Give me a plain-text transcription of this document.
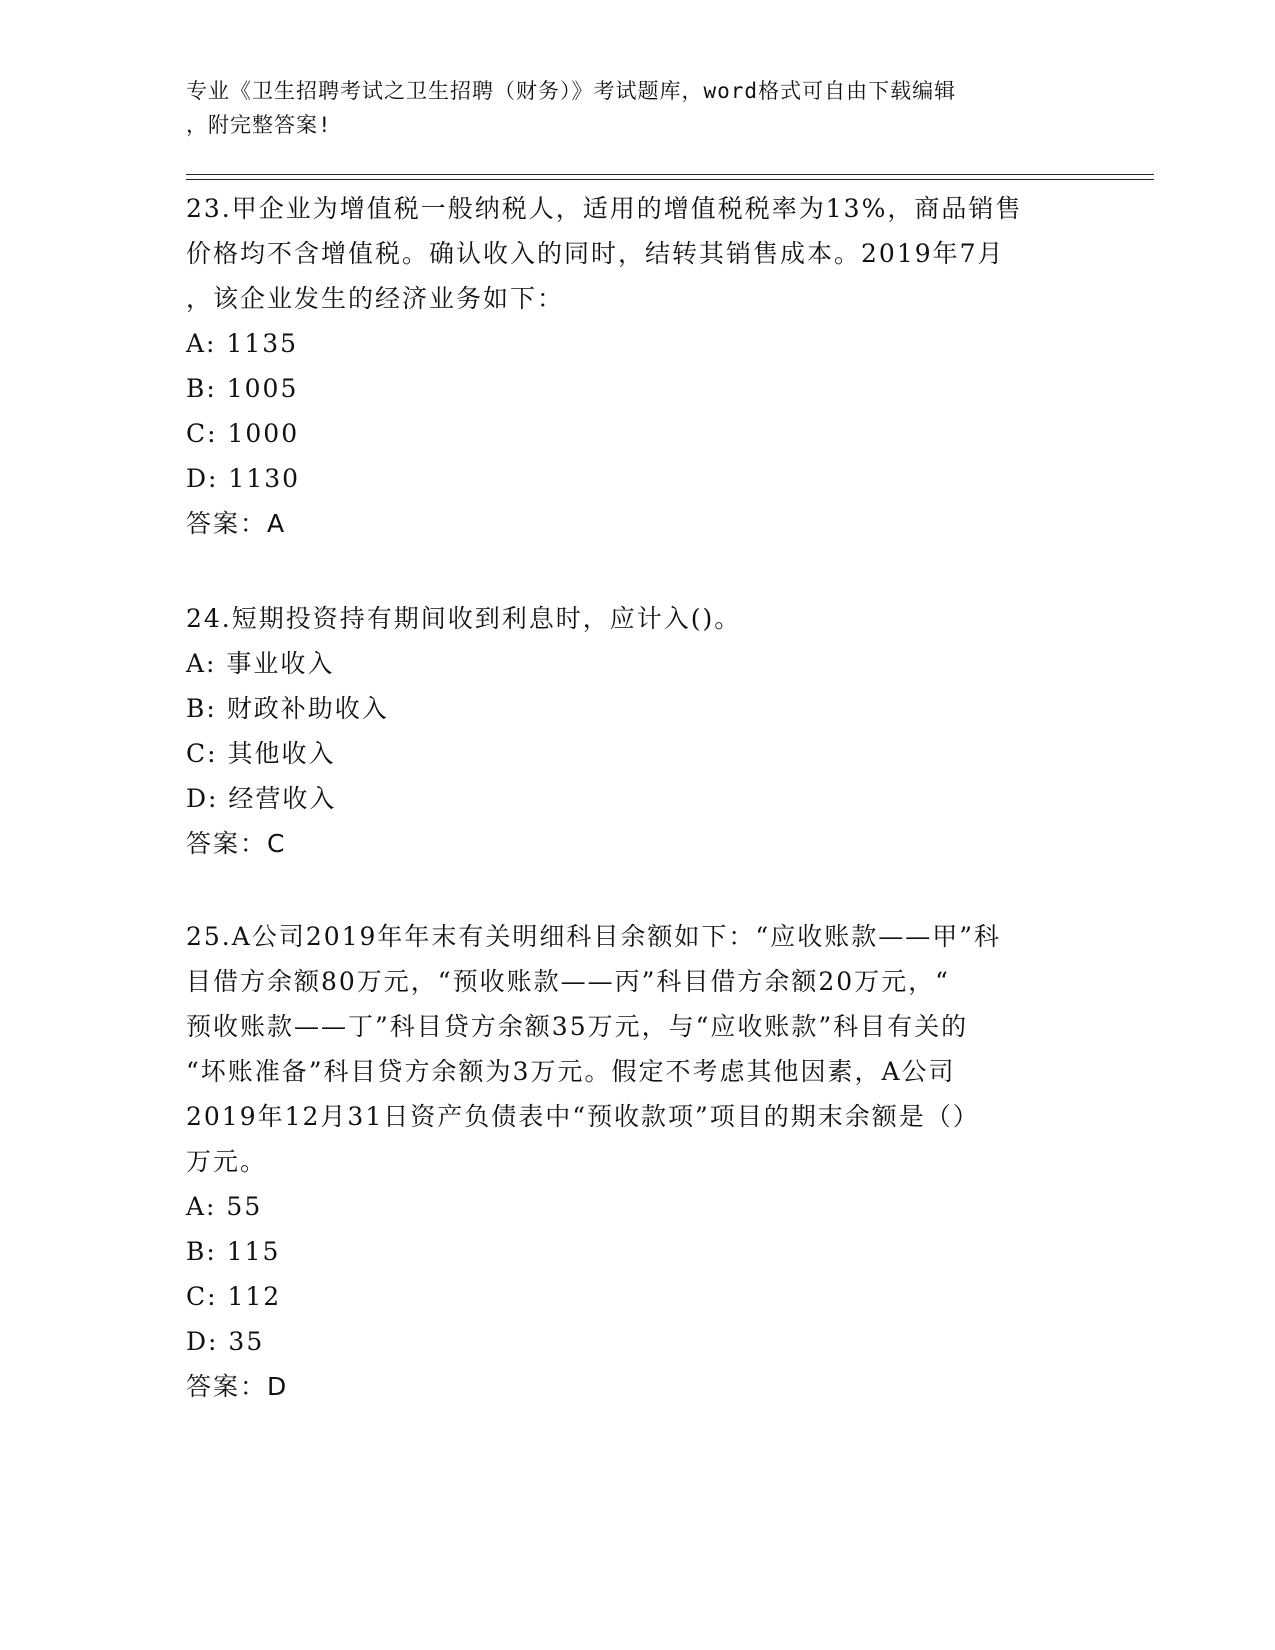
专业《卫生招聘考试之卫生招聘（财务）》考试题库，word格式可自由下载编辑
，附完整答案!

23.甲企业为增值税一般纳税人，适用的增值税税率为13%，商品销售

价格均不含增值税。确认收入的同时，结转其销售成本。2019年7月

，该企业发生的经济业务如下：

A: 1135

B: 1005

C: 1000

D: 1130

答案：A

24.短期投资持有期间收到利息时，应计入()。

A: 事业收入

B: 财政补助收入

C: 其他收入

D: 经营收入

答案：C

25.A公司2019年年末有关明细科目余额如下：“应收账款——甲”科

目借方余额80万元，“预收账款——丙”科目借方余额20万元，“

预收账款——丁”科目贷方余额35万元，与“应收账款”科目有关的

“坏账准备”科目贷方余额为3万元。假定不考虑其他因素，A公司

2019年12月31日资产负债表中“预收款项”项目的期末余额是（）

万元。

A: 55

B: 115

C: 112

D: 35

答案：D
